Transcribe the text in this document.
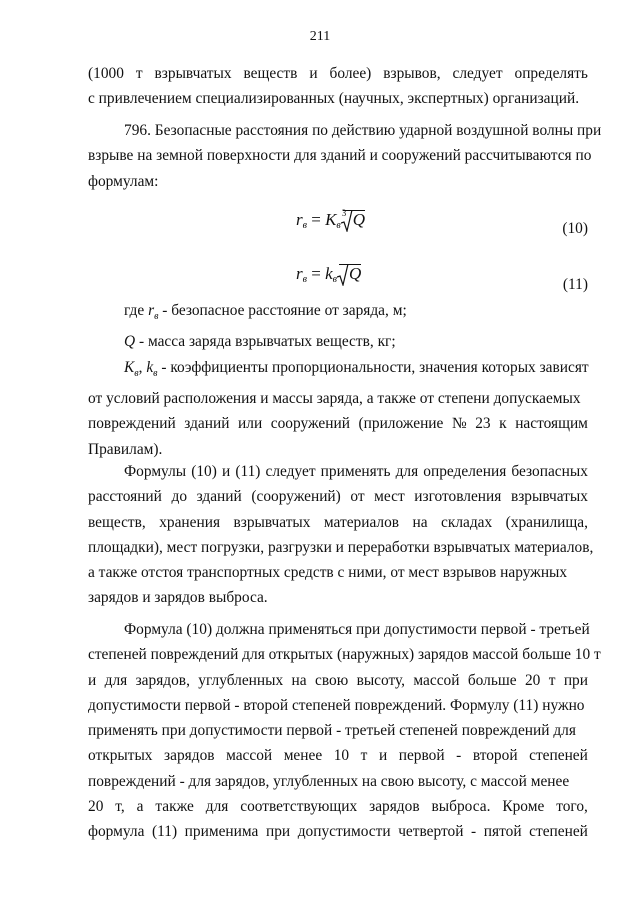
211
(1000 т взрывчатых веществ и более) взрывов, следует определять
с привлечением специализированных (научных, экспертных) организаций.
796. Безопасные расстояния по действию ударной воздушной волны при
взрыве на земной поверхности для зданий и сооружений рассчитываются по
формулам:
$r_в = K_в$
3 Q	(10)
$r_в = k_в$ Q
(11)
где $r_в$ - безопасное расстояние от заряда, м;
Q - масса заряда взрывчатых веществ, кг;
$K_в$, $k_в$ - коэффициенты пропорциональности, значения которых зависят
от условий расположения и массы заряда, а также от степени допускаемых
повреждений зданий или сооружений (приложение № 23 к настоящим
Правилам).
Формулы (10) и (11) следует применять для определения безопасных
расстояний до зданий (сооружений) от мест изготовления взрывчатых
веществ, хранения взрывчатых материалов на складах (хранилища,
площадки), мест погрузки, разгрузки и переработки взрывчатых материалов,
а также отстоя транспортных средств с ними, от мест взрывов наружных
зарядов и зарядов выброса.
Формула (10) должна применяться при допустимости первой - третьей
степеней повреждений для открытых (наружных) зарядов массой больше 10 т
и для зарядов, углубленных на свою высоту, массой больше 20 т при
допустимости первой - второй степеней повреждений. Формулу (11) нужно
применять при допустимости первой - третьей степеней повреждений для
открытых зарядов массой менее 10 т и первой - второй степеней
повреждений - для зарядов, углубленных на свою высоту, с массой менее
20 т, а также для соответствующих зарядов выброса. Кроме того,
формула (11) применима при допустимости четвертой - пятой степеней
